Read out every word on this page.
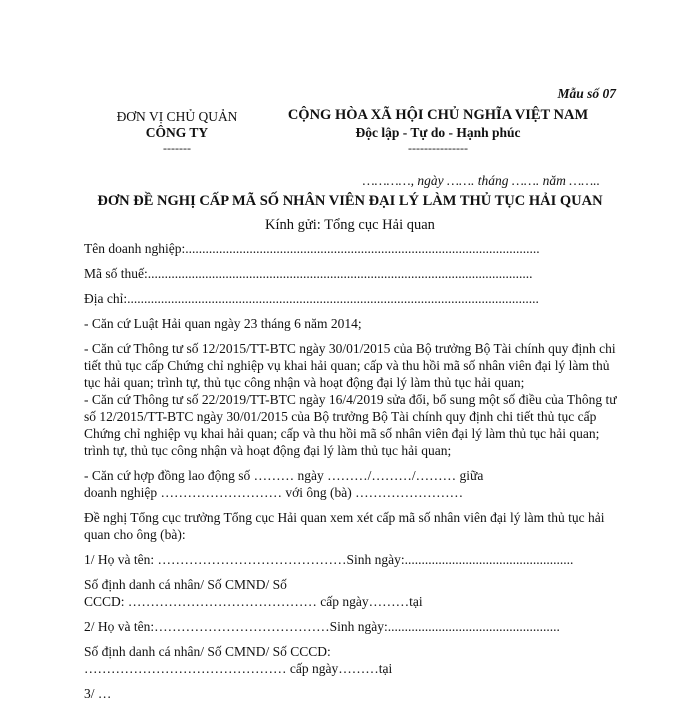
Mẫu số 07
ĐƠN VỊ CHỦ QUẢN
CÔNG TY
-------
CỘNG HÒA XÃ HỘI CHỦ NGHĨA VIỆT NAM
Độc lập - Tự do - Hạnh phúc
---------------
…………, ngày ……. tháng ……. năm ……..
ĐƠN ĐỀ NGHỊ CẤP MÃ SỐ NHÂN VIÊN ĐẠI LÝ LÀM THỦ TỤC HẢI QUAN
Kính gửi: Tổng cục Hải quan

Tên doanh nghiệp:.........................................................................................................

Mã số thuế:..................................................................................................................

Địa chỉ:..........................................................................................................................

- Căn cứ Luật Hải quan ngày 23 tháng 6 năm 2014;

- Căn cứ Thông tư số 12/2015/TT-BTC ngày 30/01/2015 của Bộ trưởng Bộ Tài chính quy định chi tiết thủ tục cấp Chứng chỉ nghiệp vụ khai hải quan; cấp và thu hồi mã số nhân viên đại lý làm thủ tục hải quan; trình tự, thủ tục công nhận và hoạt động đại lý làm thủ tục hải quan;

- Căn cứ Thông tư số 22/2019/TT-BTC ngày 16/4/2019 sửa đổi, bổ sung một số điều của Thông tư số 12/2015/TT-BTC ngày 30/01/2015 của Bộ trưởng Bộ Tài chính quy định chi tiết thủ tục cấp Chứng chỉ nghiệp vụ khai hải quan; cấp và thu hồi mã số nhân viên đại lý làm thủ tục hải quan; trình tự, thủ tục công nhận và hoạt động đại lý làm thủ tục hải quan;

- Căn cứ hợp đồng lao động số ……… ngày ………/………/……… giữa

doanh nghiệp ……………………… với ông (bà) ……………………

Đề nghị Tổng cục trưởng Tổng cục Hải quan xem xét cấp mã số nhân viên đại lý làm thủ tục hải quan cho ông (bà):

1/ Họ và tên: ……………………………………Sinh ngày:..................................................

Số định danh cá nhân/ Số CMND/ Số

CCCD: …………………………………… cấp ngày………tại

2/ Họ và tên:…………………………………Sinh ngày:...................................................

Số định danh cá nhân/ Số CMND/ Số CCCD:

……………………………………… cấp ngày………tại

3/ …
